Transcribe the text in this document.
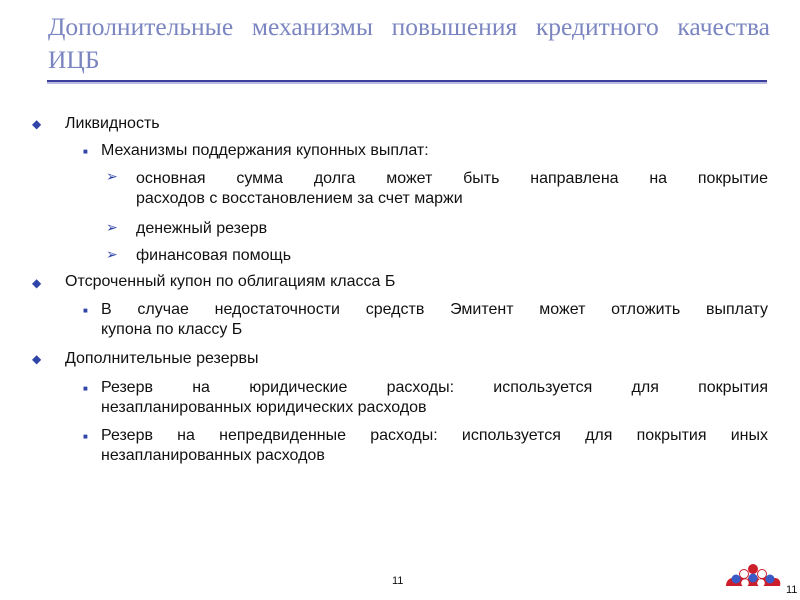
Дополнительные механизмы повышения кредитного качества
ИЦБ
◆ Ликвидность
■ Механизмы поддержания купонных выплат:
➢ основная сумма долга может быть направлена на покрытие
расходов с восстановлением за счет маржи
➢ денежный резерв
➢ финансовая помощь
◆ Отсроченный купон по облигациям класса Б
■ В случае недостаточности средств Эмитент может отложить выплату
купона по классу Б
◆ Дополнительные резервы
■ Резерв на юридические расходы: используется для покрытия
незапланированных юридических расходов
■ Резерв на непредвиденные расходы: используется для покрытия иных
незапланированных расходов
11
11
